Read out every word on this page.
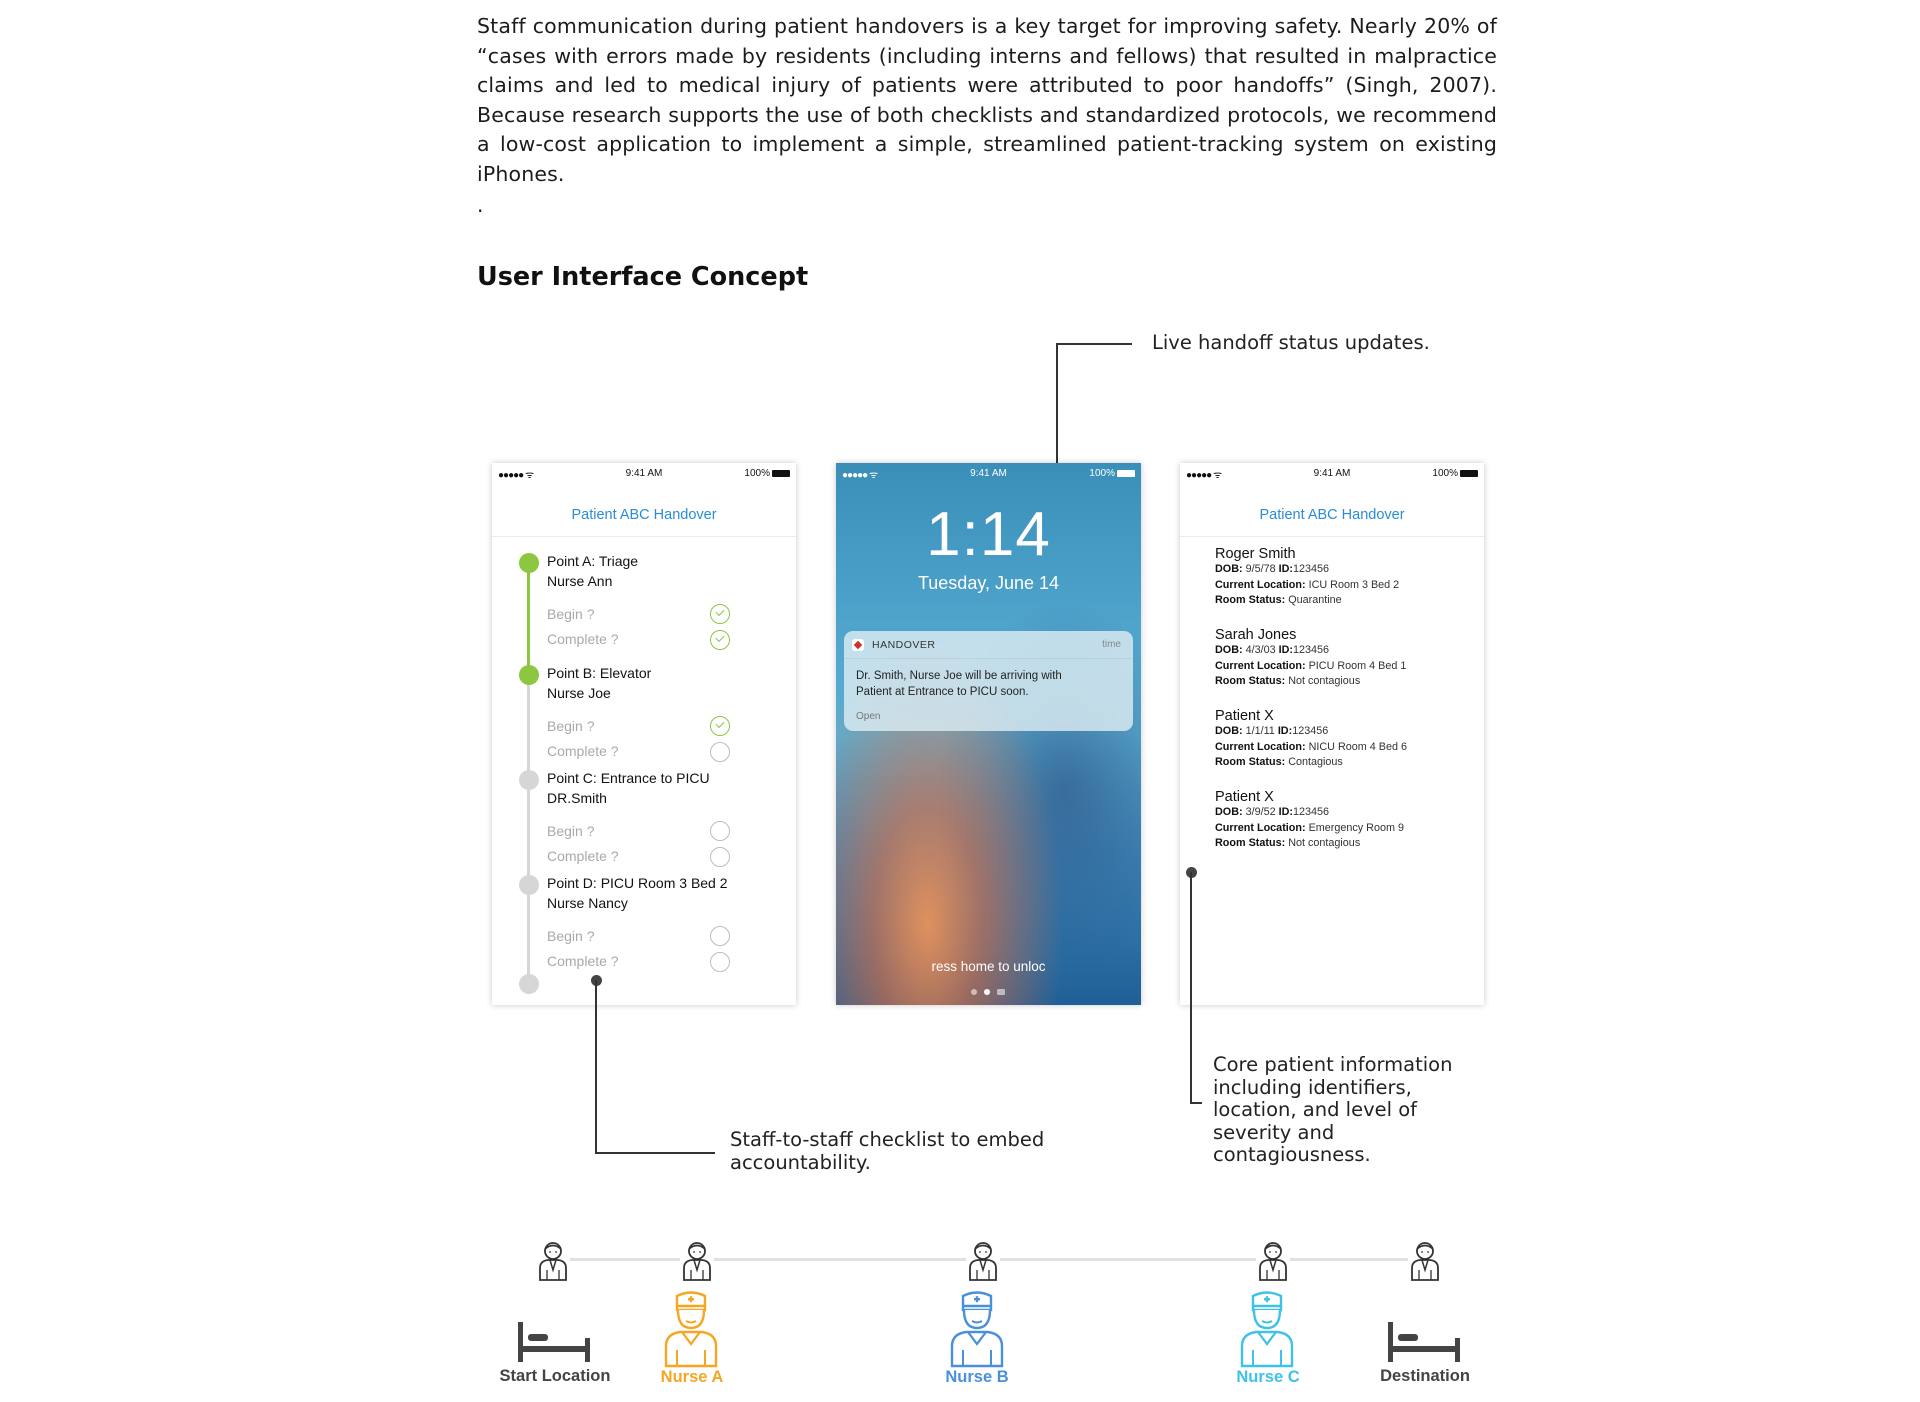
Staff communication during patient handovers is a key target for improving safety. Nearly 20% of “cases with errors made by residents (including interns and fellows) that resulted in malpractice claims and led to medical injury of patients were attributed to poor handoffs” (Singh, 2007). Because research supports the use of both checklists and standardized protocols, we recommend a low-cost application to implement a simple, streamlined patient-tracking system on existing iPhones.
.
User Interface Concept
Live handoff status updates.
●●●●● ᯤ	9:41 AM	100%
Patient ABC Handover
Point A: Triage
Nurse Ann
Begin ?
Complete ?
Point B: Elevator
Nurse Joe
Begin ?
Complete ?
Point C: Entrance to PICU
DR.Smith
Begin ?
Complete ?
Point D: PICU Room 3 Bed 2
Nurse Nancy
Begin ?
Complete ?
●●●●● ᯤ	9:41 AM	100%
1:14
Tuesday, June 14
HANDOVER	time
Dr. Smith, Nurse Joe will be arriving with Patient at Entrance to PICU soon.
Open
ress home to unloc
●●●●● ᯤ	9:41 AM	100%
Patient ABC Handover
Roger Smith
DOB: 9/5/78 ID:123456
Current Location: ICU Room 3 Bed 2
Room Status: Quarantine
Sarah Jones
DOB: 4/3/03 ID:123456
Current Location: PICU Room 4 Bed 1
Room Status: Not contagious
Patient X
DOB: 1/1/11 ID:123456
Current Location: NICU Room 4 Bed 6
Room Status: Contagious
Patient X
DOB: 3/9/52 ID:123456
Current Location: Emergency Room 9
Room Status: Not contagious
Staff-to-staff checklist to embed accountability.
Core patient information including identifiers, location, and level of severity and contagiousness.
Start Location	Nurse A	Nurse B	Nurse C	Destination
